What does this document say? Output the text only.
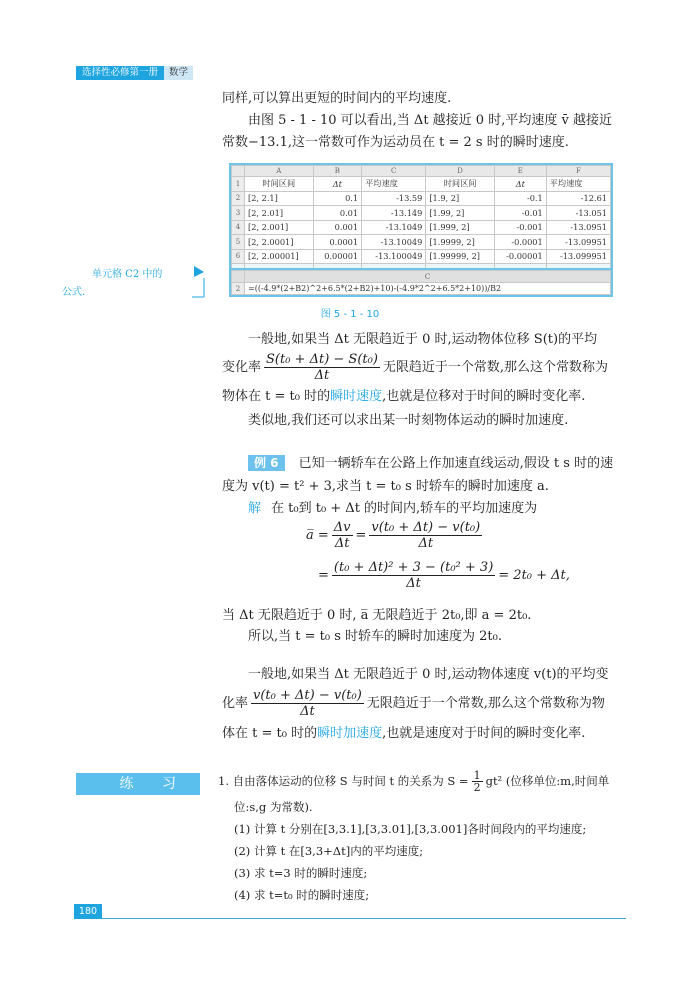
选择性必修第一册	数学
同样,可以算出更短的时间内的平均速度.
由图 5 - 1 - 10 可以看出,当 Δt 越接近 0 时,平均速度 v̄ 越接近
常数−13.1,这一常数可作为运动员在 t = 2 s 时的瞬时速度.
	A	B	C	D	E	F
1	时间区间	Δt	平均速度	时间区间	Δt	平均速度
2	[2, 2.1]	0.1	-13.59	[1.9, 2]	-0.1	-12.61
3	[2, 2.01]	0.01	-13.149	[1.99, 2]	-0.01	-13.051
4	[2, 2.001]	0.001	-13.1049	[1.999, 2]	-0.001	-13.0951
5	[2, 2.0001]	0.0001	-13.10049	[1.9999, 2]	-0.0001	-13.09951
6	[2, 2.00001]	0.00001	-13.100049	[1.99999, 2]	-0.00001	-13.099951

	C
2	=((-4.9*(2+B2)^2+6.5*(2+B2)+10)-(-4.9*2^2+6.5*2+10))/B2
单元格 C2 中的
公式.
图 5 - 1 - 10
一般地,如果当 Δt 无限趋近于 0 时,运动物体位移 S(t)的平均
变化率 $\frac{\text{S(t₀ + Δt) − S(t₀)}}{\Delta t}$ 无限趋近于一个常数,那么这个常数称为
物体在 t = t₀ 时的瞬时速度,也就是位移对于时间的瞬时变化率.
类似地,我们还可以求出某一时刻物体运动的瞬时加速度.
例 6 已知一辆轿车在公路上作加速直线运动,假设 t s 时的速
度为 v(t) = t² + 3,求当 t = t₀ s 时轿车的瞬时加速度 a.
解 在 t₀到 t₀ + Δt 的时间内,轿车的平均加速度为
a̅ = $\frac{\Delta v}{\Delta t} = \frac{\text{v(t₀ + Δt) − v(t₀)}}{\Delta t}$
= $\frac{\text{(t₀ + Δt)² + 3 − (t₀² + 3)}}{\Delta t} = 2t_0 + \Delta t$,
当 Δt 无限趋近于 0 时, a̅ 无限趋近于 2t₀,即 a = 2t₀.
所以,当 t = t₀ s 时轿车的瞬时加速度为 2t₀.
一般地,如果当 Δt 无限趋近于 0 时,运动物体速度 v(t)的平均变
化率 $\frac{\text{v(t₀ + Δt) − v(t₀)}}{\Delta t}$ 无限趋近于一个常数,那么这个常数称为物
体在 t = t₀ 时的瞬时加速度,也就是速度对于时间的瞬时变化率.
练 习	1. 自由落体运动的位移 S 与时间 t 的关系为 $S = \frac{1}{2} gt^2$ (位移单位:m,时间单
位:s,g 为常数).
(1) 计算 t 分别在[3,3.1],[3,3.01],[3,3.001]各时间段内的平均速度;
(2) 计算 t 在[3,3+Δt]内的平均速度;
(3) 求 t=3 时的瞬时速度;
(4) 求 t=t₀ 时的瞬时速度;
180
